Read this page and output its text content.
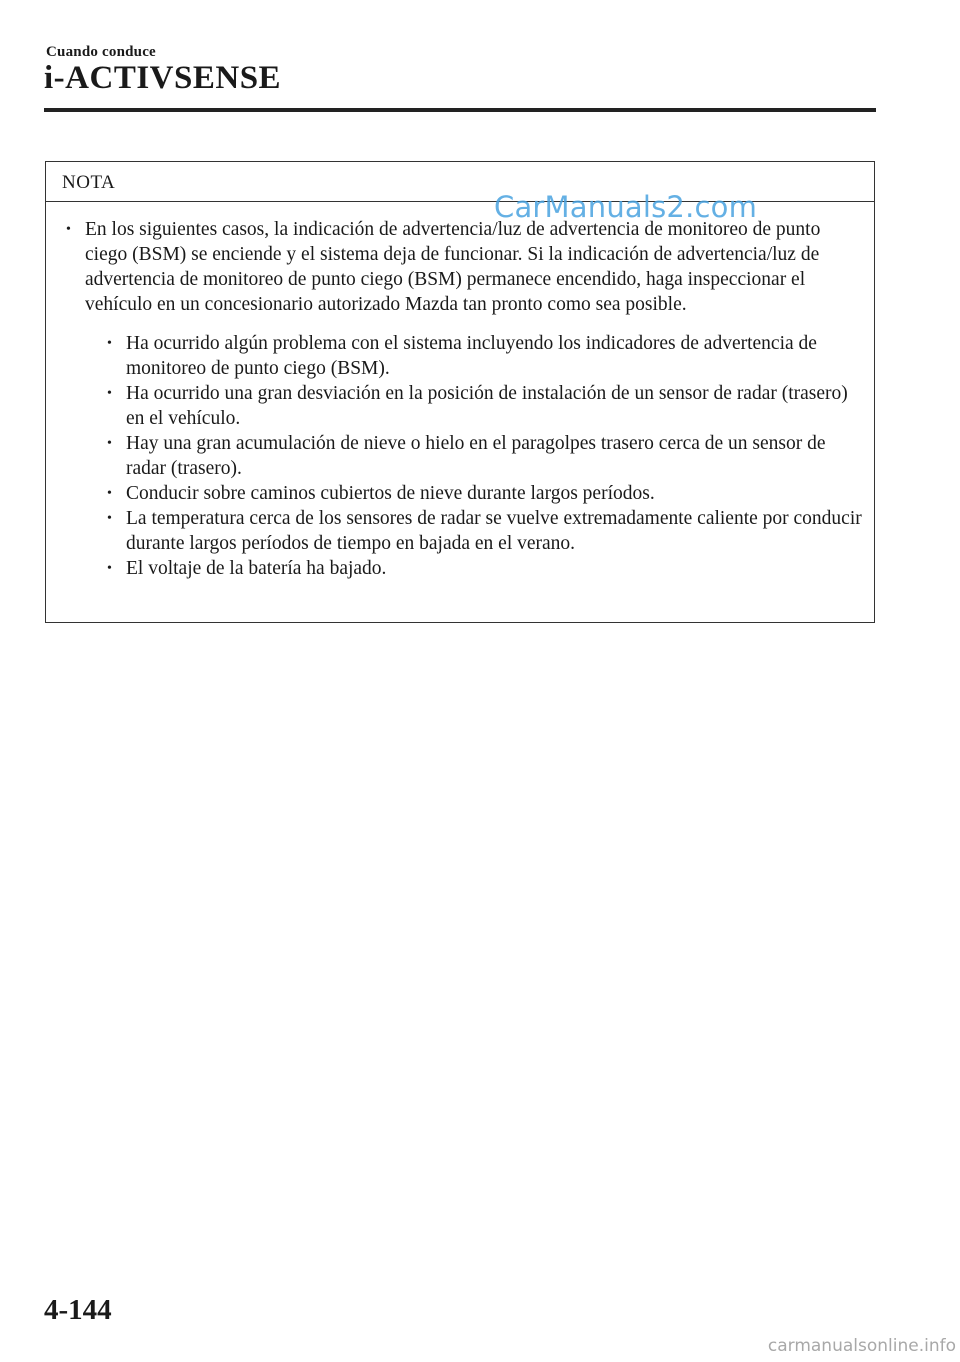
Cuando conduce
i-ACTIVSENSE
NOTA
CarManuals2.com
• En los siguientes casos, la indicación de advertencia/luz de advertencia de monitoreo de punto ciego (BSM) se enciende y el sistema deja de funcionar. Si la indicación de advertencia/luz de advertencia de monitoreo de punto ciego (BSM) permanece encendido, haga inspeccionar el vehículo en un concesionario autorizado Mazda tan pronto como sea posible.
• Ha ocurrido algún problema con el sistema incluyendo los indicadores de advertencia de monitoreo de punto ciego (BSM).
• Ha ocurrido una gran desviación en la posición de instalación de un sensor de radar (trasero) en el vehículo.
• Hay una gran acumulación de nieve o hielo en el paragolpes trasero cerca de un sensor de radar (trasero).
• Conducir sobre caminos cubiertos de nieve durante largos períodos.
• La temperatura cerca de los sensores de radar se vuelve extremadamente caliente por conducir durante largos períodos de tiempo en bajada en el verano.
• El voltaje de la batería ha bajado.
4-144
carmanualsonline.info
